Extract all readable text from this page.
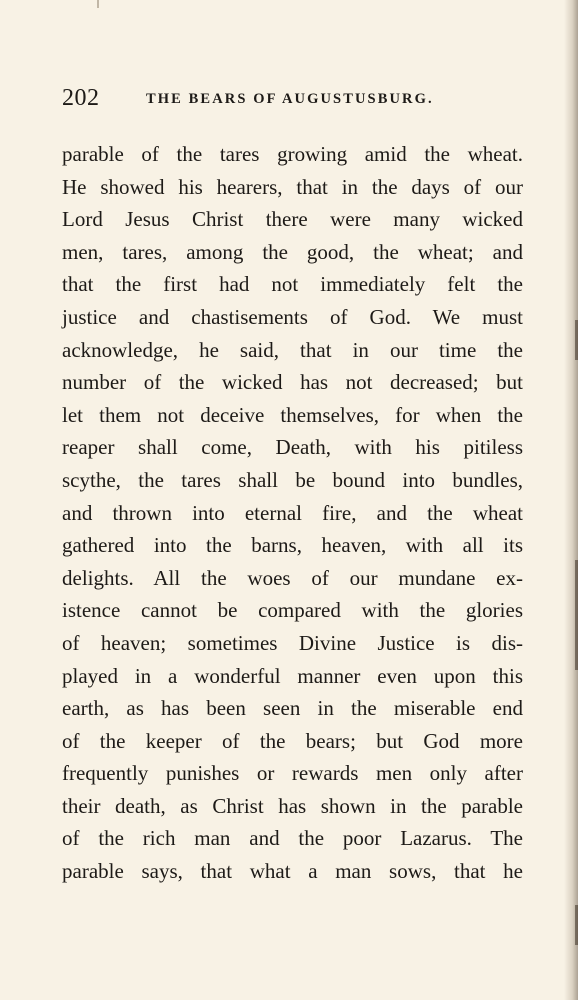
202	THE BEARS OF AUGUSTUSBURG.
parable of the tares growing amid the wheat.
He showed his hearers, that in the days of our
Lord Jesus Christ there were many wicked
men, tares, among the good, the wheat; and
that the first had not immediately felt the
justice and chastisements of God. We must
acknowledge, he said, that in our time the
number of the wicked has not decreased; but
let them not deceive themselves, for when the
reaper shall come, Death, with his pitiless
scythe, the tares shall be bound into bundles,
and thrown into eternal fire, and the wheat
gathered into the barns, heaven, with all its
delights. All the woes of our mundane ex-
istence cannot be compared with the glories
of heaven; sometimes Divine Justice is dis-
played in a wonderful manner even upon this
earth, as has been seen in the miserable end
of the keeper of the bears; but God more
frequently punishes or rewards men only after
their death, as Christ has shown in the parable
of the rich man and the poor Lazarus. The
parable says, that what a man sows, that he
